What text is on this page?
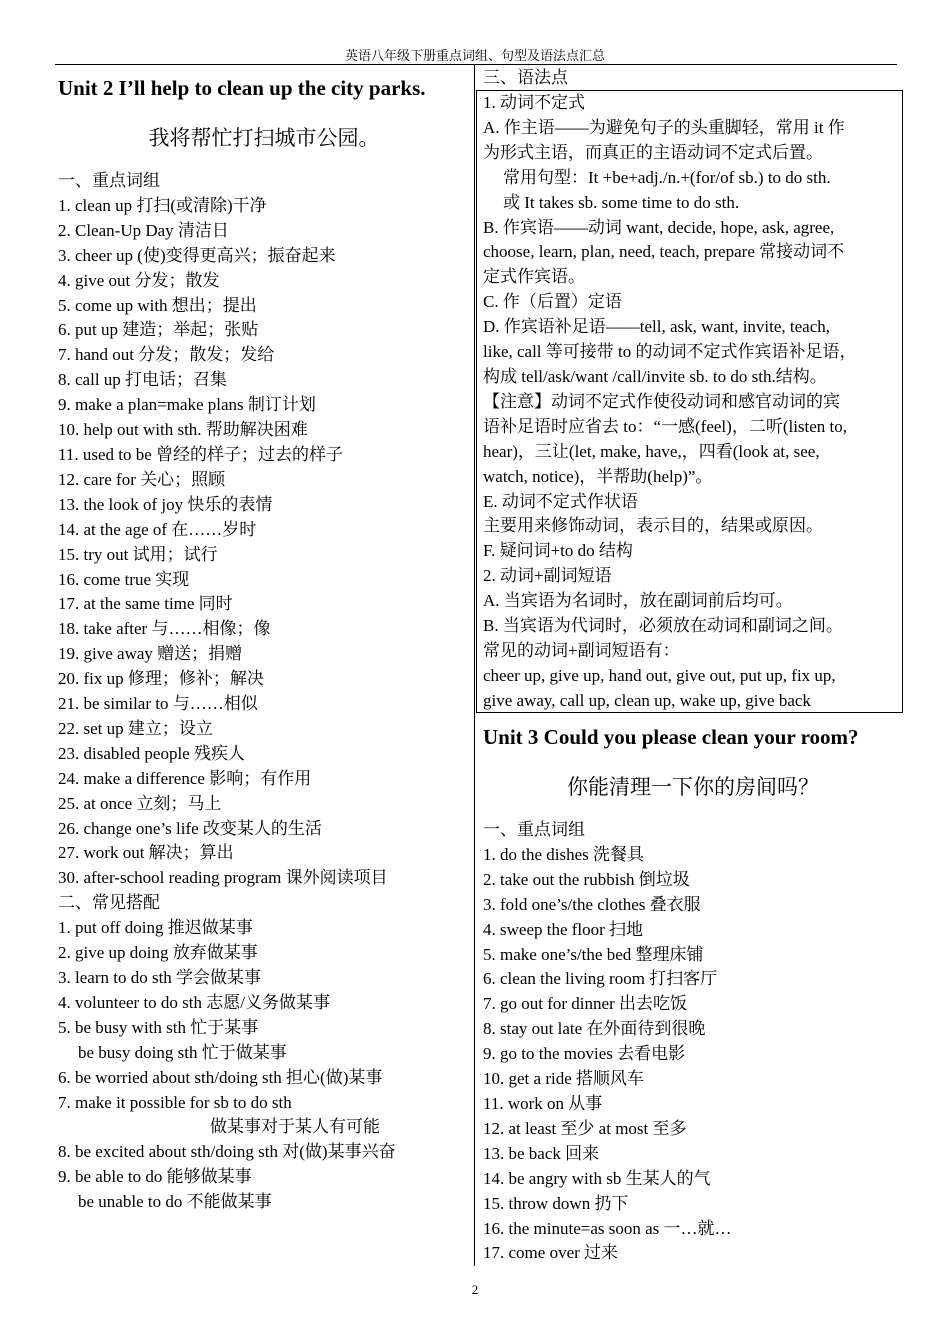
英语八年级下册重点词组、句型及语法点汇总
Unit 2 I’ll help to clean up the city parks.
我将帮忙打扫城市公园。
一、重点词组
1. clean up 打扫(或清除)干净
2. Clean-Up Day 清洁日
3. cheer up (使)变得更高兴；振奋起来
4. give out 分发；散发
5. come up with 想出；提出
6. put up 建造；举起；张贴
7. hand out 分发；散发；发给
8. call up 打电话；召集
9. make a plan=make plans 制订计划
10. help out with sth. 帮助解决困难
11. used to be 曾经的样子；过去的样子
12. care for 关心；照顾
13. the look of joy 快乐的表情
14. at the age of 在……岁时
15. try out 试用；试行
16. come true 实现
17. at the same time 同时
18. take after 与……相像；像
19. give away 赠送；捐赠
20. fix up 修理；修补；解决
21. be similar to 与……相似
22. set up 建立；设立
23. disabled people 残疾人
24. make a difference 影响；有作用
25. at once 立刻；马上
26. change one’s life 改变某人的生活
27. work out 解决；算出
30. after-school reading program 课外阅读项目
二、常见搭配
1. put off doing 推迟做某事
2. give up doing 放弃做某事
3. learn to do sth 学会做某事
4. volunteer to do sth 志愿/义务做某事
5. be busy with sth 忙于某事
be busy doing sth 忙于做某事
6. be worried about sth/doing sth 担心(做)某事
7. make it possible for sb to do sth
做某事对于某人有可能
8. be excited about sth/doing sth 对(做)某事兴奋
9. be able to do 能够做某事
be unable to do 不能做某事
三、语法点
1. 动词不定式
A. 作主语——为避免句子的头重脚轻，常用 it 作
为形式主语，而真正的主语动词不定式后置。
常用句型：It +be+adj./n.+(for/of sb.) to do sth.
或 It takes sb. some time to do sth.
B. 作宾语——动词 want, decide, hope, ask, agree,
choose, learn, plan, need, teach, prepare 常接动词不
定式作宾语。
C. 作（后置）定语
D. 作宾语补足语——tell, ask, want, invite, teach,
like, call 等可接带 to 的动词不定式作宾语补足语，
构成 tell/ask/want /call/invite sb. to do sth.结构。
【注意】动词不定式作使役动词和感官动词的宾
语补足语时应省去 to：“一感(feel)，二听(listen to,
hear)，三让(let, make, have,，四看(look at, see,
watch, notice)，半帮助(help)”。
E. 动词不定式作状语
主要用来修饰动词，表示目的，结果或原因。
F. 疑问词+to do 结构
2. 动词+副词短语
A. 当宾语为名词时，放在副词前后均可。
B. 当宾语为代词时，必须放在动词和副词之间。
常见的动词+副词短语有：
cheer up, give up, hand out, give out, put up, fix up,
give away, call up, clean up, wake up, give back
Unit 3 Could you please clean your room?
你能清理一下你的房间吗？
一、重点词组
1. do the dishes 洗餐具
2. take out the rubbish 倒垃圾
3. fold one’s/the clothes 叠衣服
4. sweep the floor 扫地
5. make one’s/the bed 整理床铺
6. clean the living room 打扫客厅
7. go out for dinner 出去吃饭
8. stay out late 在外面待到很晚
9. go to the movies 去看电影
10. get a ride 搭顺风车
11. work on 从事
12. at least 至少 at most 至多
13. be back 回来
14. be angry with sb 生某人的气
15. throw down 扔下
16. the minute=as soon as 一…就…
17. come over 过来
2
